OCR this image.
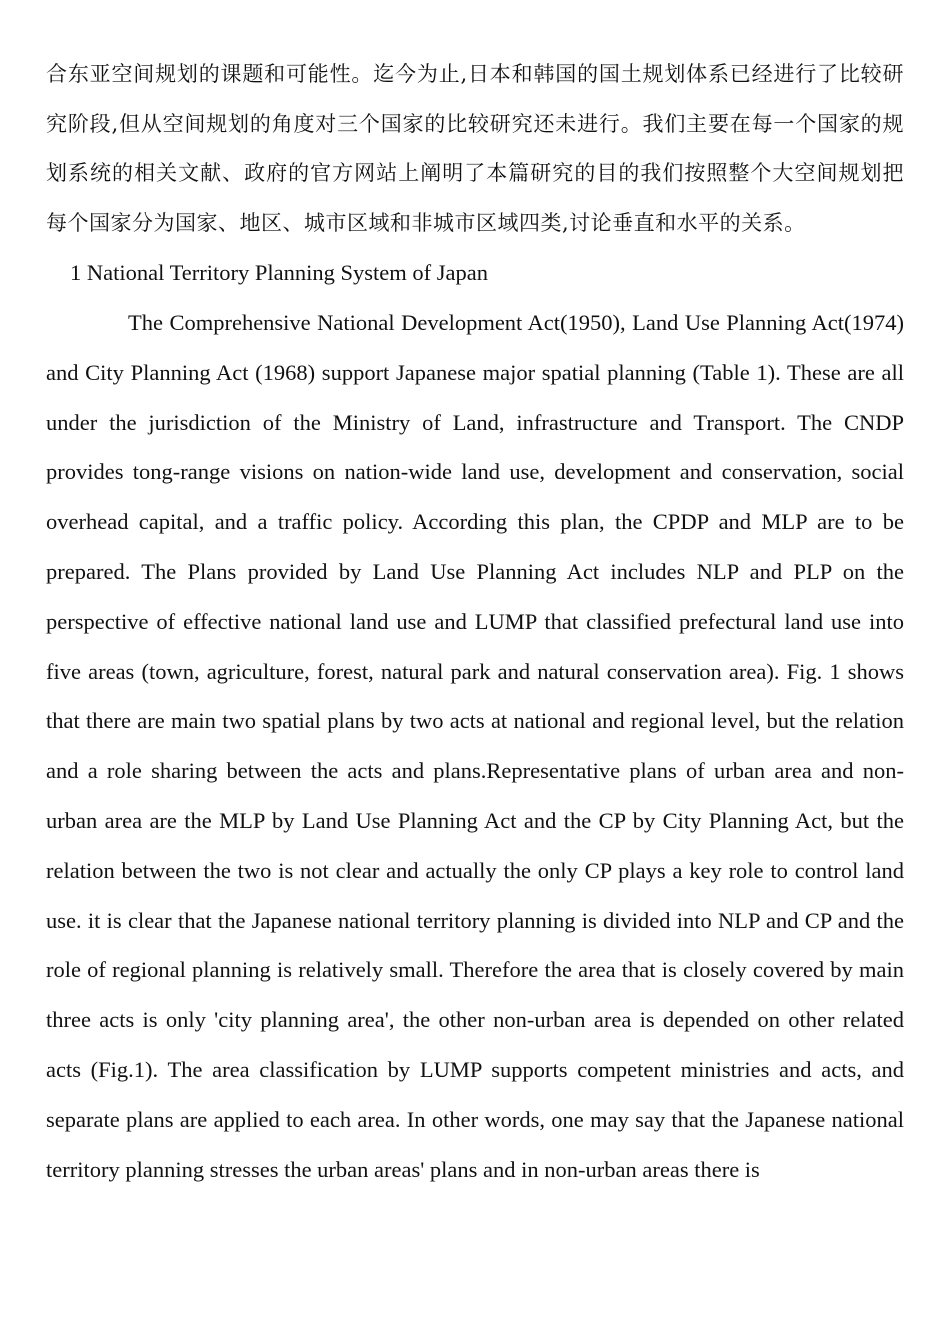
合东亚空间规划的课题和可能性。迄今为止,日本和韩国的国土规划体系已经进行了比较研究阶段,但从空间规划的角度对三个国家的比较研究还未进行。我们主要在每一个国家的规划系统的相关文献、政府的官方网站上阐明了本篇研究的目的我们按照整个大空间规划把每个国家分为国家、地区、城市区域和非城市区域四类,讨论垂直和水平的关系。

1 National Territory Planning System of Japan

The Comprehensive National Development Act(1950), Land Use Planning Act(1974) and City Planning Act (1968) support Japanese major spatial planning (Table 1). These are all under the jurisdiction of the Ministry of Land, infrastructure and Transport. The CNDP provides tong-range visions on nation-wide land use, development and conservation, social overhead capital, and a traffic policy. According this plan, the CPDP and MLP are to be prepared. The Plans provided by Land Use Planning Act includes NLP and PLP on the perspective of effective national land use and LUMP that classified prefectural land use into five areas (town, agriculture, forest, natural park and natural conservation area). Fig. 1 shows that there are main two spatial plans by two acts at national and regional level, but the relation and a role sharing between the acts and plans.Representative plans of urban area and non-urban area are the MLP by Land Use Planning Act and the CP by City Planning Act, but the relation between the two is not clear and actually the only CP plays a key role to control land use. it is clear that the Japanese national territory planning is divided into NLP and CP and the role of regional planning is relatively small. Therefore the area that is closely covered by main three acts is only 'city planning area', the other non-urban area is depended on other related acts (Fig.1). The area classification by LUMP supports competent ministries and acts, and separate plans are applied to each area. In other words, one may say that the Japanese national territory planning stresses the urban areas' plans and in non-urban areas there is
